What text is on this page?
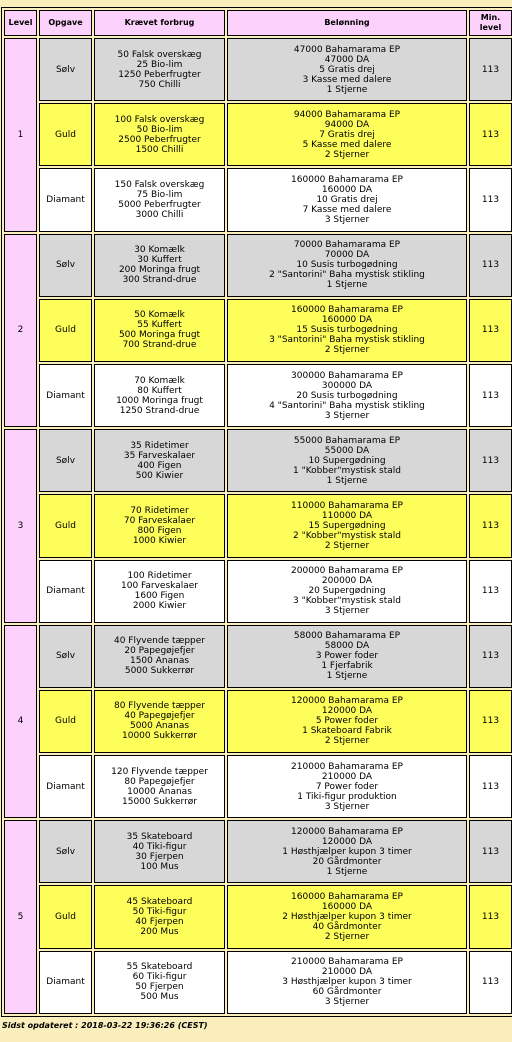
Level	Opgave	Krævet forbrug	Belønning	Min. level
1	Sølv	50 Falsk overskæg
25 Bio-lim
1250 Peberfrugter
750 Chilli	47000 Bahamarama EP
47000 DA
5 Gratis drej
3 Kasse med dalere
1 Stjerne	113
	Guld	100 Falsk overskæg
50 Bio-lim
2500 Peberfrugter
1500 Chilli	94000 Bahamarama EP
94000 DA
7 Gratis drej
5 Kasse med dalere
2 Stjerner	113
	Diamant	150 Falsk overskæg
75 Bio-lim
5000 Peberfrugter
3000 Chilli	160000 Bahamarama EP
160000 DA
10 Gratis drej
7 Kasse med dalere
3 Stjerner	113
2	Sølv	30 Komælk
30 Kuffert
200 Moringa frugt
300 Strand-drue	70000 Bahamarama EP
70000 DA
10 Susis turbogødning
2 "Santorini" Baha mystisk stikling
1 Stjerne	113
	Guld	50 Komælk
55 Kuffert
500 Moringa frugt
700 Strand-drue	160000 Bahamarama EP
160000 DA
15 Susis turbogødning
3 "Santorini" Baha mystisk stikling
2 Stjerner	113
	Diamant	70 Komælk
80 Kuffert
1000 Moringa frugt
1250 Strand-drue	300000 Bahamarama EP
300000 DA
20 Susis turbogødning
4 "Santorini" Baha mystisk stikling
3 Stjerner	113
3	Sølv	35 Ridetimer
35 Farveskalaer
400 Figen
500 Kiwier	55000 Bahamarama EP
55000 DA
10 Supergødning
1 "Kobber"mystisk stald
1 Stjerne	113
	Guld	70 Ridetimer
70 Farveskalaer
800 Figen
1000 Kiwier	110000 Bahamarama EP
110000 DA
15 Supergødning
2 "Kobber"mystisk stald
2 Stjerner	113
	Diamant	100 Ridetimer
100 Farveskalaer
1600 Figen
2000 Kiwier	200000 Bahamarama EP
200000 DA
20 Supergødning
3 "Kobber"mystisk stald
3 Stjerner	113
4	Sølv	40 Flyvende tæpper
20 Papegøjefjer
1500 Ananas
5000 Sukkerrør	58000 Bahamarama EP
58000 DA
3 Power foder
1 Fjerfabrik
1 Stjerne	113
	Guld	80 Flyvende tæpper
40 Papegøjefjer
5000 Ananas
10000 Sukkerrør	120000 Bahamarama EP
120000 DA
5 Power foder
1 Skateboard Fabrik
2 Stjerner	113
	Diamant	120 Flyvende tæpper
80 Papegøjefjer
10000 Ananas
15000 Sukkerrør	210000 Bahamarama EP
210000 DA
7 Power foder
1 Tiki-figur produktion
3 Stjerner	113
5	Sølv	35 Skateboard
40 Tiki-figur
30 Fjerpen
100 Mus	120000 Bahamarama EP
120000 DA
1 Høsthjælper kupon 3 timer
20 Gårdmonter
1 Stjerne	113
	Guld	45 Skateboard
50 Tiki-figur
40 Fjerpen
200 Mus	160000 Bahamarama EP
160000 DA
2 Høsthjælper kupon 3 timer
40 Gårdmonter
2 Stjerner	113
	Diamant	55 Skateboard
60 Tiki-figur
50 Fjerpen
500 Mus	210000 Bahamarama EP
210000 DA
3 Høsthjælper kupon 3 timer
60 Gårdmonter
3 Stjerner	113
Sidst opdateret : 2018-03-22 19:36:26 (CEST)
